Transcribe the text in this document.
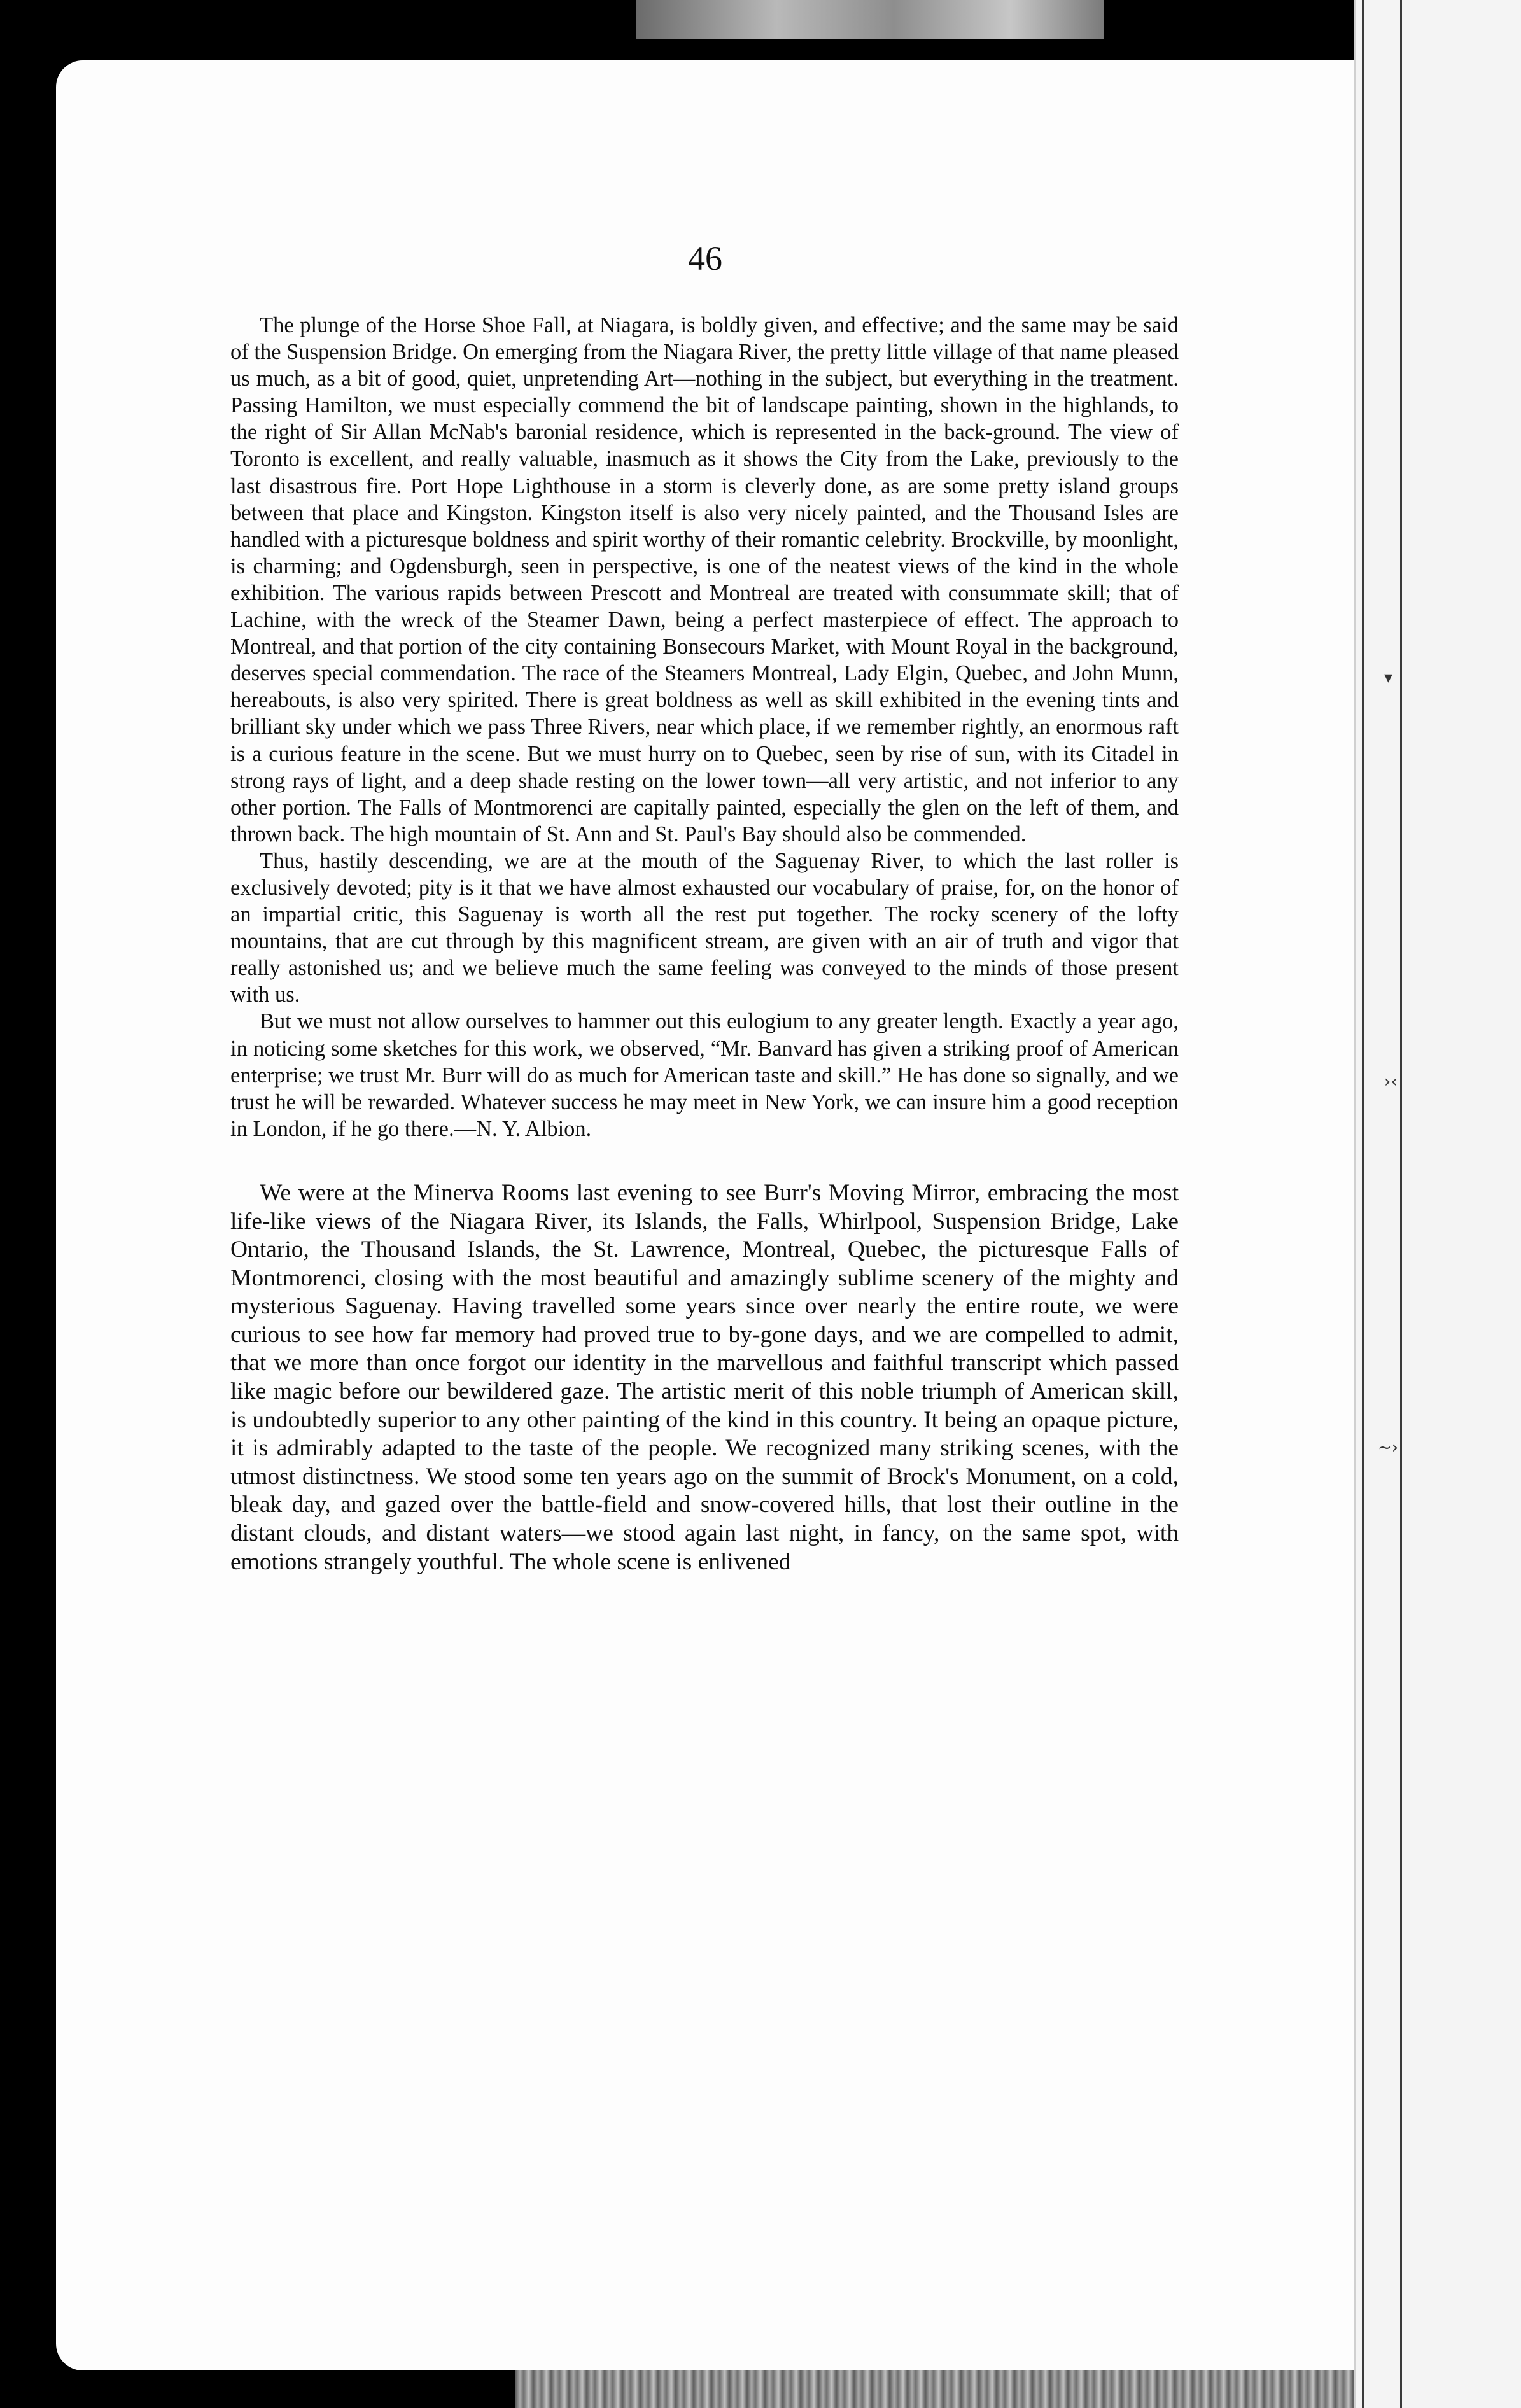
▾
›‹
~›
46

The plunge of the Horse Shoe Fall, at Niagara, is boldly given, and effective; and the same may be said of the Suspension Bridge. On emerging from the Niagara River, the pretty little village of that name pleased us much, as a bit of good, quiet, unpretending Art—nothing in the subject, but everything in the treatment. Passing Hamilton, we must especially commend the bit of landscape painting, shown in the highlands, to the right of Sir Allan McNab's baronial residence, which is represented in the back-ground. The view of Toronto is excellent, and really valuable, inasmuch as it shows the City from the Lake, previously to the last disastrous fire. Port Hope Lighthouse in a storm is cleverly done, as are some pretty island groups between that place and Kingston. Kingston itself is also very nicely painted, and the Thousand Isles are handled with a picturesque boldness and spirit worthy of their romantic celebrity. Brockville, by moonlight, is charming; and Ogdensburgh, seen in perspective, is one of the neatest views of the kind in the whole exhibition. The various rapids between Prescott and Montreal are treated with consummate skill; that of Lachine, with the wreck of the Steamer Dawn, being a perfect masterpiece of effect. The approach to Montreal, and that portion of the city containing Bonsecours Market, with Mount Royal in the background, deserves special commendation. The race of the Steamers Montreal, Lady Elgin, Quebec, and John Munn, hereabouts, is also very spirited. There is great boldness as well as skill exhibited in the evening tints and brilliant sky under which we pass Three Rivers, near which place, if we remember rightly, an enormous raft is a curious feature in the scene. But we must hurry on to Quebec, seen by rise of sun, with its Citadel in strong rays of light, and a deep shade resting on the lower town—all very artistic, and not inferior to any other portion. The Falls of Montmorenci are capitally painted, especially the glen on the left of them, and thrown back. The high mountain of St. Ann and St. Paul's Bay should also be commended.

Thus, hastily descending, we are at the mouth of the Saguenay River, to which the last roller is exclusively devoted; pity is it that we have almost exhausted our vocabulary of praise, for, on the honor of an impartial critic, this Saguenay is worth all the rest put together. The rocky scenery of the lofty mountains, that are cut through by this magnificent stream, are given with an air of truth and vigor that really astonished us; and we believe much the same feeling was conveyed to the minds of those present with us.

But we must not allow ourselves to hammer out this eulogium to any greater length. Exactly a year ago, in noticing some sketches for this work, we observed, “Mr. Banvard has given a striking proof of American enterprise; we trust Mr. Burr will do as much for American taste and skill.” He has done so signally, and we trust he will be rewarded. Whatever success he may meet in New York, we can insure him a good reception in London, if he go there.—N. Y. Albion.

We were at the Minerva Rooms last evening to see Burr's Moving Mirror, embracing the most life-like views of the Niagara River, its Islands, the Falls, Whirlpool, Suspension Bridge, Lake Ontario, the Thousand Islands, the St. Lawrence, Montreal, Quebec, the picturesque Falls of Montmorenci, closing with the most beautiful and amazingly sublime scenery of the mighty and mysterious Saguenay. Having travelled some years since over nearly the entire route, we were curious to see how far memory had proved true to by-gone days, and we are compelled to admit, that we more than once forgot our identity in the marvellous and faithful transcript which passed like magic before our bewildered gaze. The artistic merit of this noble triumph of American skill, is undoubtedly superior to any other painting of the kind in this country. It being an opaque picture, it is admirably adapted to the taste of the people. We recognized many striking scenes, with the utmost distinctness. We stood some ten years ago on the summit of Brock's Monument, on a cold, bleak day, and gazed over the battle-field and snow-covered hills, that lost their outline in the distant clouds, and distant waters—we stood again last night, in fancy, on the same spot, with emotions strangely youthful. The whole scene is enlivened
